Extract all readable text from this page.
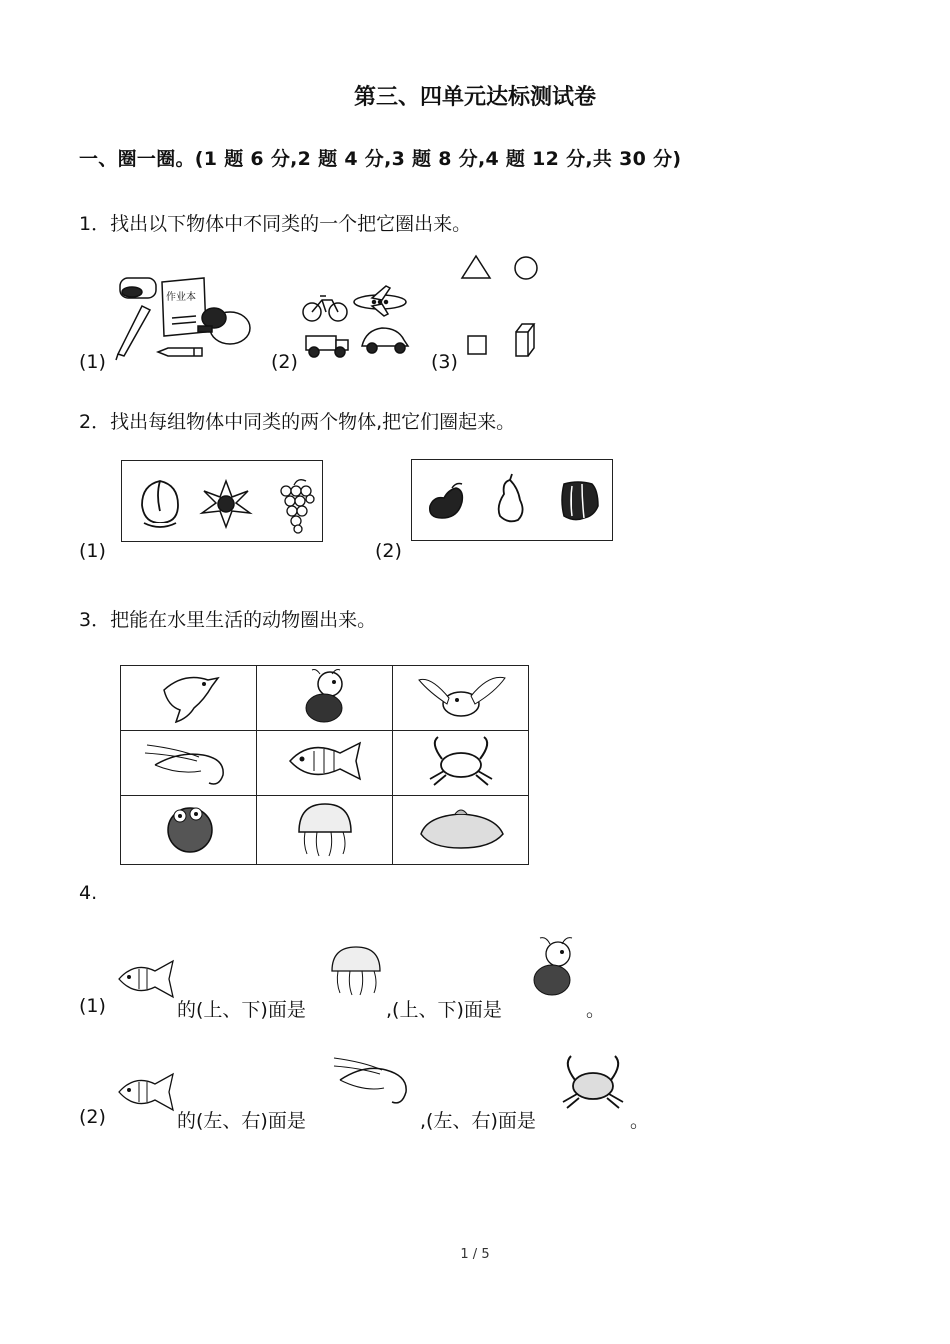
第三、四单元达标测试卷
一、圈一圈。(1 题 6 分,2 题 4 分,3 题 8 分,4 题 12 分,共 30 分)
1．找出以下物体中不同类的一个把它圈出来。
(1)	(2)	(3)
作业本
2．找出每组物体中同类的两个物体,把它们圈起来。
(1)	(2)
3．把能在水里生活的动物圈出来。

4.
(1)	的(上、下)面是	,(上、下)面是	。
(2)	的(左、右)面是	,(左、右)面是	。
1 / 5
